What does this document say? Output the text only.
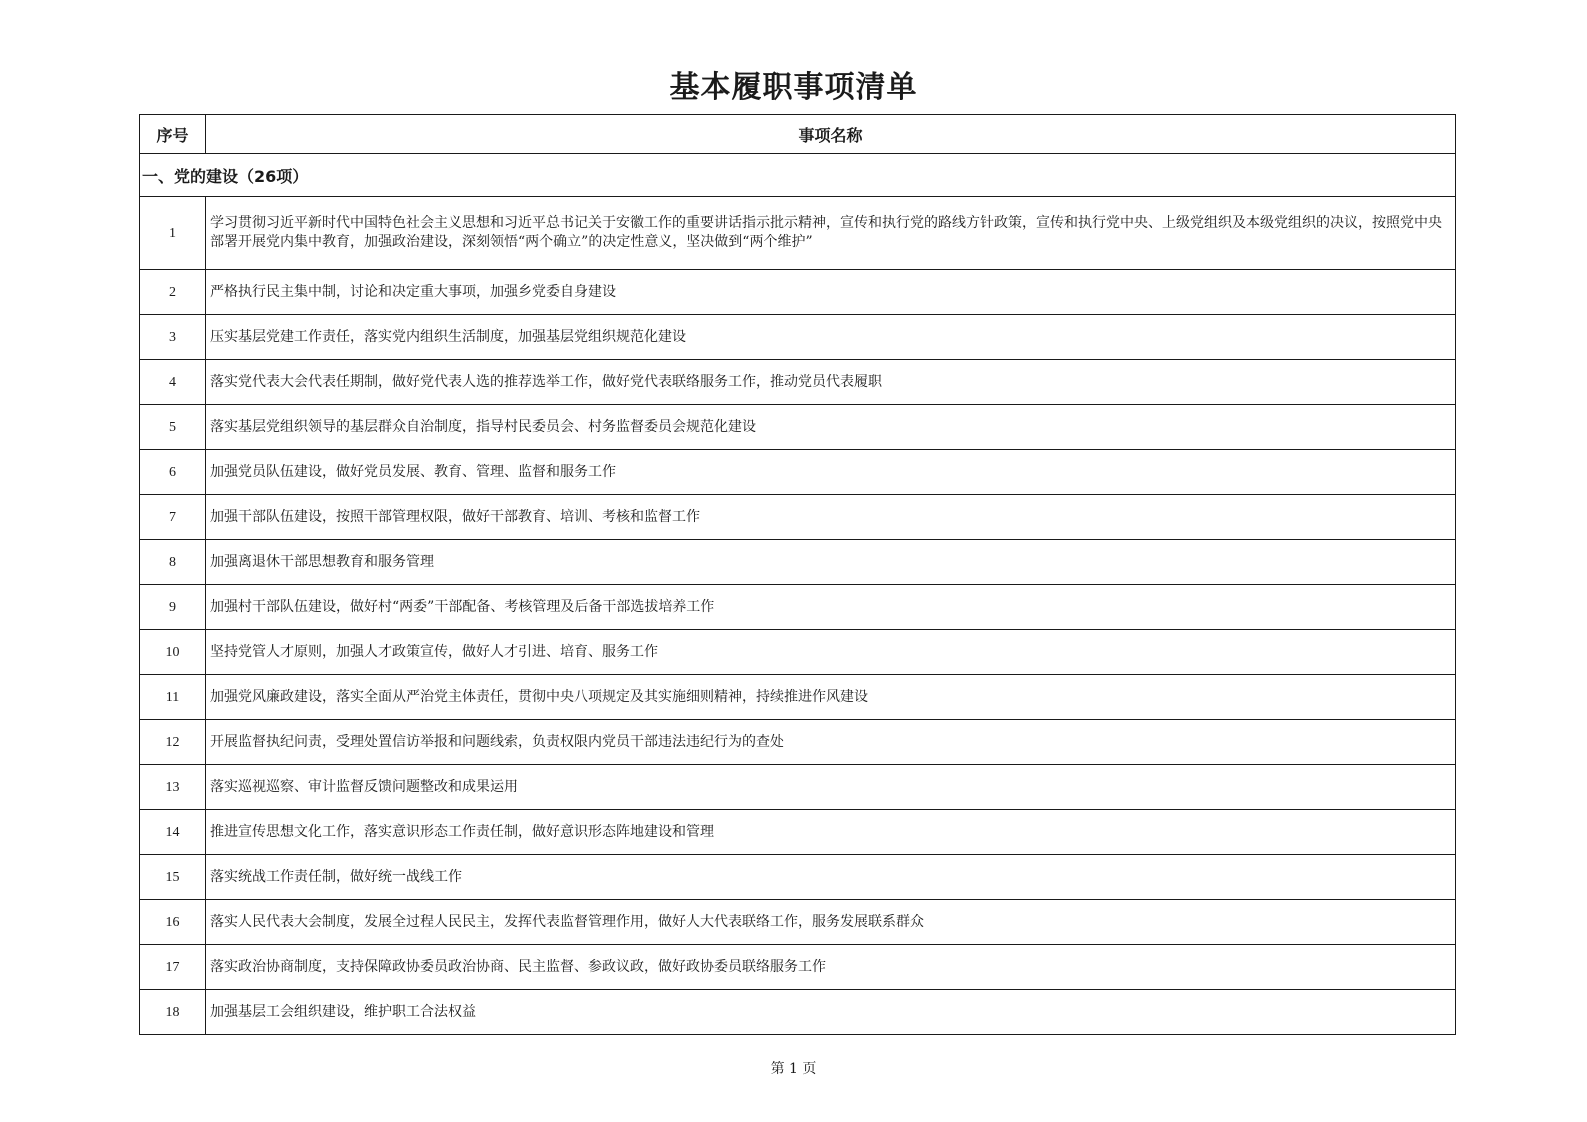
基本履职事项清单
序号	事项名称
一、党的建设（26项）	
1	学习贯彻习近平新时代中国特色社会主义思想和习近平总书记关于安徽工作的重要讲话指示批示精神，宣传和执行党的路线方针政策，宣传和执行党中央、上级党组织及本级党组织的决议，按照党中央部署开展党内集中教育，加强政治建设，深刻领悟“两个确立”的决定性意义，坚决做到“两个维护”
2	严格执行民主集中制，讨论和决定重大事项，加强乡党委自身建设
3	压实基层党建工作责任，落实党内组织生活制度，加强基层党组织规范化建设
4	落实党代表大会代表任期制，做好党代表人选的推荐选举工作，做好党代表联络服务工作，推动党员代表履职
5	落实基层党组织领导的基层群众自治制度，指导村民委员会、村务监督委员会规范化建设
6	加强党员队伍建设，做好党员发展、教育、管理、监督和服务工作
7	加强干部队伍建设，按照干部管理权限，做好干部教育、培训、考核和监督工作
8	加强离退休干部思想教育和服务管理
9	加强村干部队伍建设，做好村“两委”干部配备、考核管理及后备干部选拔培养工作
10	坚持党管人才原则，加强人才政策宣传，做好人才引进、培育、服务工作
11	加强党风廉政建设，落实全面从严治党主体责任，贯彻中央八项规定及其实施细则精神，持续推进作风建设
12	开展监督执纪问责，受理处置信访举报和问题线索，负责权限内党员干部违法违纪行为的查处
13	落实巡视巡察、审计监督反馈问题整改和成果运用
14	推进宣传思想文化工作，落实意识形态工作责任制，做好意识形态阵地建设和管理
15	落实统战工作责任制，做好统一战线工作
16	落实人民代表大会制度，发展全过程人民民主，发挥代表监督管理作用，做好人大代表联络工作，服务发展联系群众
17	落实政治协商制度，支持保障政协委员政治协商、民主监督、参政议政，做好政协委员联络服务工作
18	加强基层工会组织建设，维护职工合法权益
第 1 页
